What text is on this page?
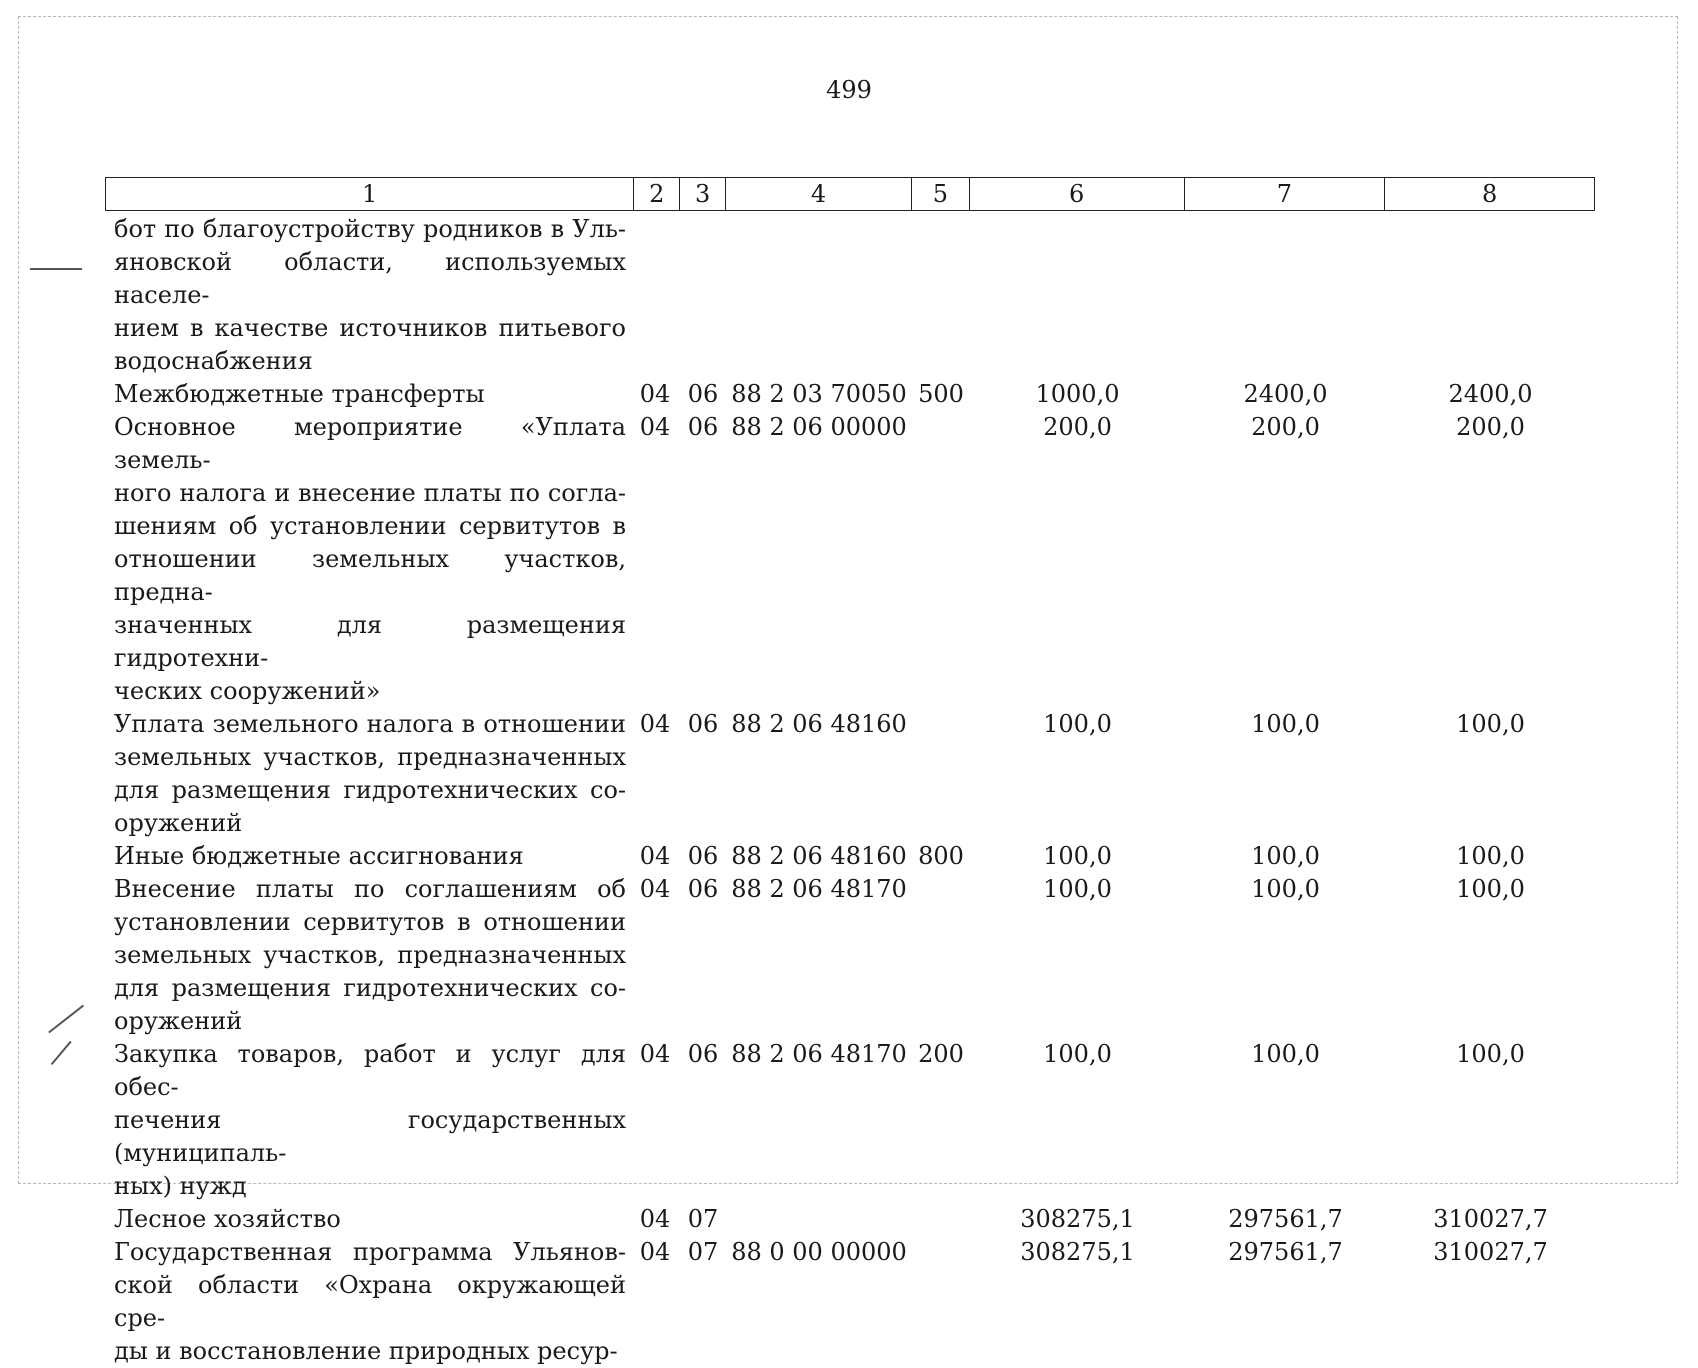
499
1	2	3	4	5	6	7	8
бот по благоустройству родников в Уль-
яновской области, используемых населе-
нием в качестве источников питьевого
водоснабжения
Межбюджетные трансферты	04 06 88 2 03 70050 500	1000,0	2400,0	2400,0
Основное мероприятие «Уплата земель-
ного налога и внесение платы по согла-
шениям об установлении сервитутов в
отношении земельных участков, предна-
значенных для размещения гидротехни-
ческих сооружений»
04 06 88 2 06 00000	200,0	200,0	200,0
Уплата земельного налога в отношении
земельных участков, предназначенных
для размещения гидротехнических со-
оружений
04 06 88 2 06 48160	100,0	100,0	100,0
Иные бюджетные ассигнования	04 06 88 2 06 48160 800	100,0	100,0	100,0
Внесение платы по соглашениям об
установлении сервитутов в отношении
земельных участков, предназначенных
для размещения гидротехнических со-
оружений
04 06 88 2 06 48170	100,0	100,0	100,0
Закупка товаров, работ и услуг для обес-
печения государственных (муниципаль-
ных) нужд
04 06 88 2 06 48170 200	100,0	100,0	100,0
Лесное хозяйство	04 07	308275,1	297561,7	310027,7
Государственная программа Ульянов-
ской области «Охрана окружающей сре-
ды и восстановление природных ресур-
04 07 88 0 00 00000	308275,1	297561,7	310027,7
